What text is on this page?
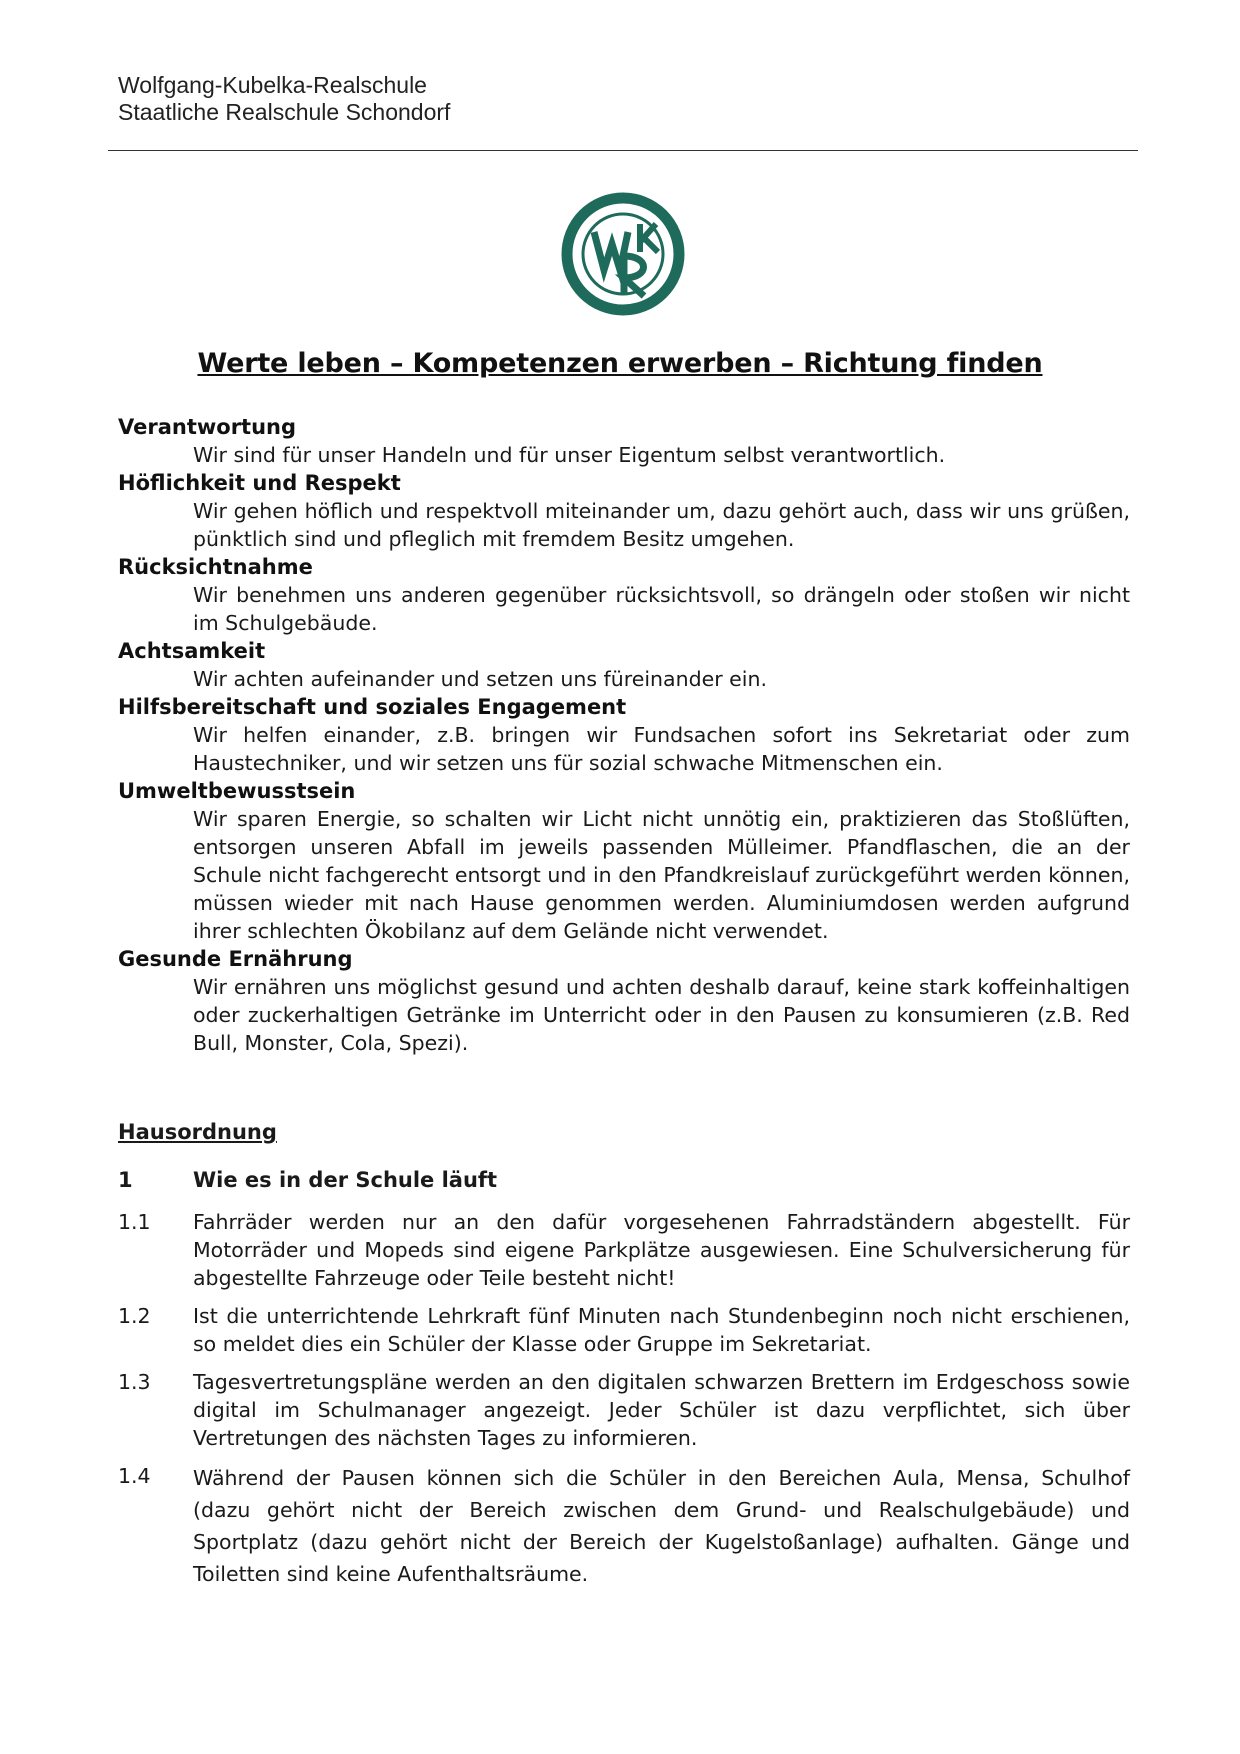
Wolfgang-Kubelka-Realschule
Staatliche Realschule Schondorf
Werte leben – Kompetenzen erwerben – Richtung finden
Verantwortung
Wir sind für unser Handeln und für unser Eigentum selbst verantwortlich.
Höflichkeit und Respekt
Wir gehen höflich und respektvoll miteinander um, dazu gehört auch, dass wir uns grüßen, pünktlich sind und pfleglich mit fremdem Besitz umgehen.
Rücksichtnahme
Wir benehmen uns anderen gegenüber rücksichtsvoll, so drängeln oder stoßen wir nicht im Schulgebäude.
Achtsamkeit
Wir achten aufeinander und setzen uns füreinander ein.
Hilfsbereitschaft und soziales Engagement
Wir helfen einander, z.B. bringen wir Fundsachen sofort ins Sekretariat oder zum Haustechniker, und wir setzen uns für sozial schwache Mitmenschen ein.
Umweltbewusstsein
Wir sparen Energie, so schalten wir Licht nicht unnötig ein, praktizieren das Stoßlüften, entsorgen unseren Abfall im jeweils passenden Mülleimer. Pfandflaschen, die an der Schule nicht fachgerecht entsorgt und in den Pfandkreislauf zurückgeführt werden können, müssen wieder mit nach Hause genommen werden. Aluminiumdosen werden aufgrund ihrer schlechten Ökobilanz auf dem Gelände nicht verwendet.
Gesunde Ernährung
Wir ernähren uns möglichst gesund und achten deshalb darauf, keine stark koffeinhaltigen oder zuckerhaltigen Getränke im Unterricht oder in den Pausen zu konsumieren (z.B. Red Bull, Monster, Cola, Spezi).
Hausordnung
1	Wie es in der Schule läuft
1.1	Fahrräder werden nur an den dafür vorgesehenen Fahrradständern abgestellt. Für Motorräder und Mopeds sind eigene Parkplätze ausgewiesen. Eine Schulversicherung für abgestellte Fahrzeuge oder Teile besteht nicht!
1.2	Ist die unterrichtende Lehrkraft fünf Minuten nach Stundenbeginn noch nicht erschienen, so meldet dies ein Schüler der Klasse oder Gruppe im Sekretariat.
1.3	Tagesvertretungspläne werden an den digitalen schwarzen Brettern im Erdgeschoss sowie digital im Schulmanager angezeigt. Jeder Schüler ist dazu verpflichtet, sich über Vertretungen des nächsten Tages zu informieren.
1.4	Während der Pausen können sich die Schüler in den Bereichen Aula, Mensa, Schulhof (dazu gehört nicht der Bereich zwischen dem Grund- und Realschulgebäude) und Sportplatz (dazu gehört nicht der Bereich der Kugelstoßanlage) aufhalten. Gänge und Toiletten sind keine Aufenthaltsräume.
